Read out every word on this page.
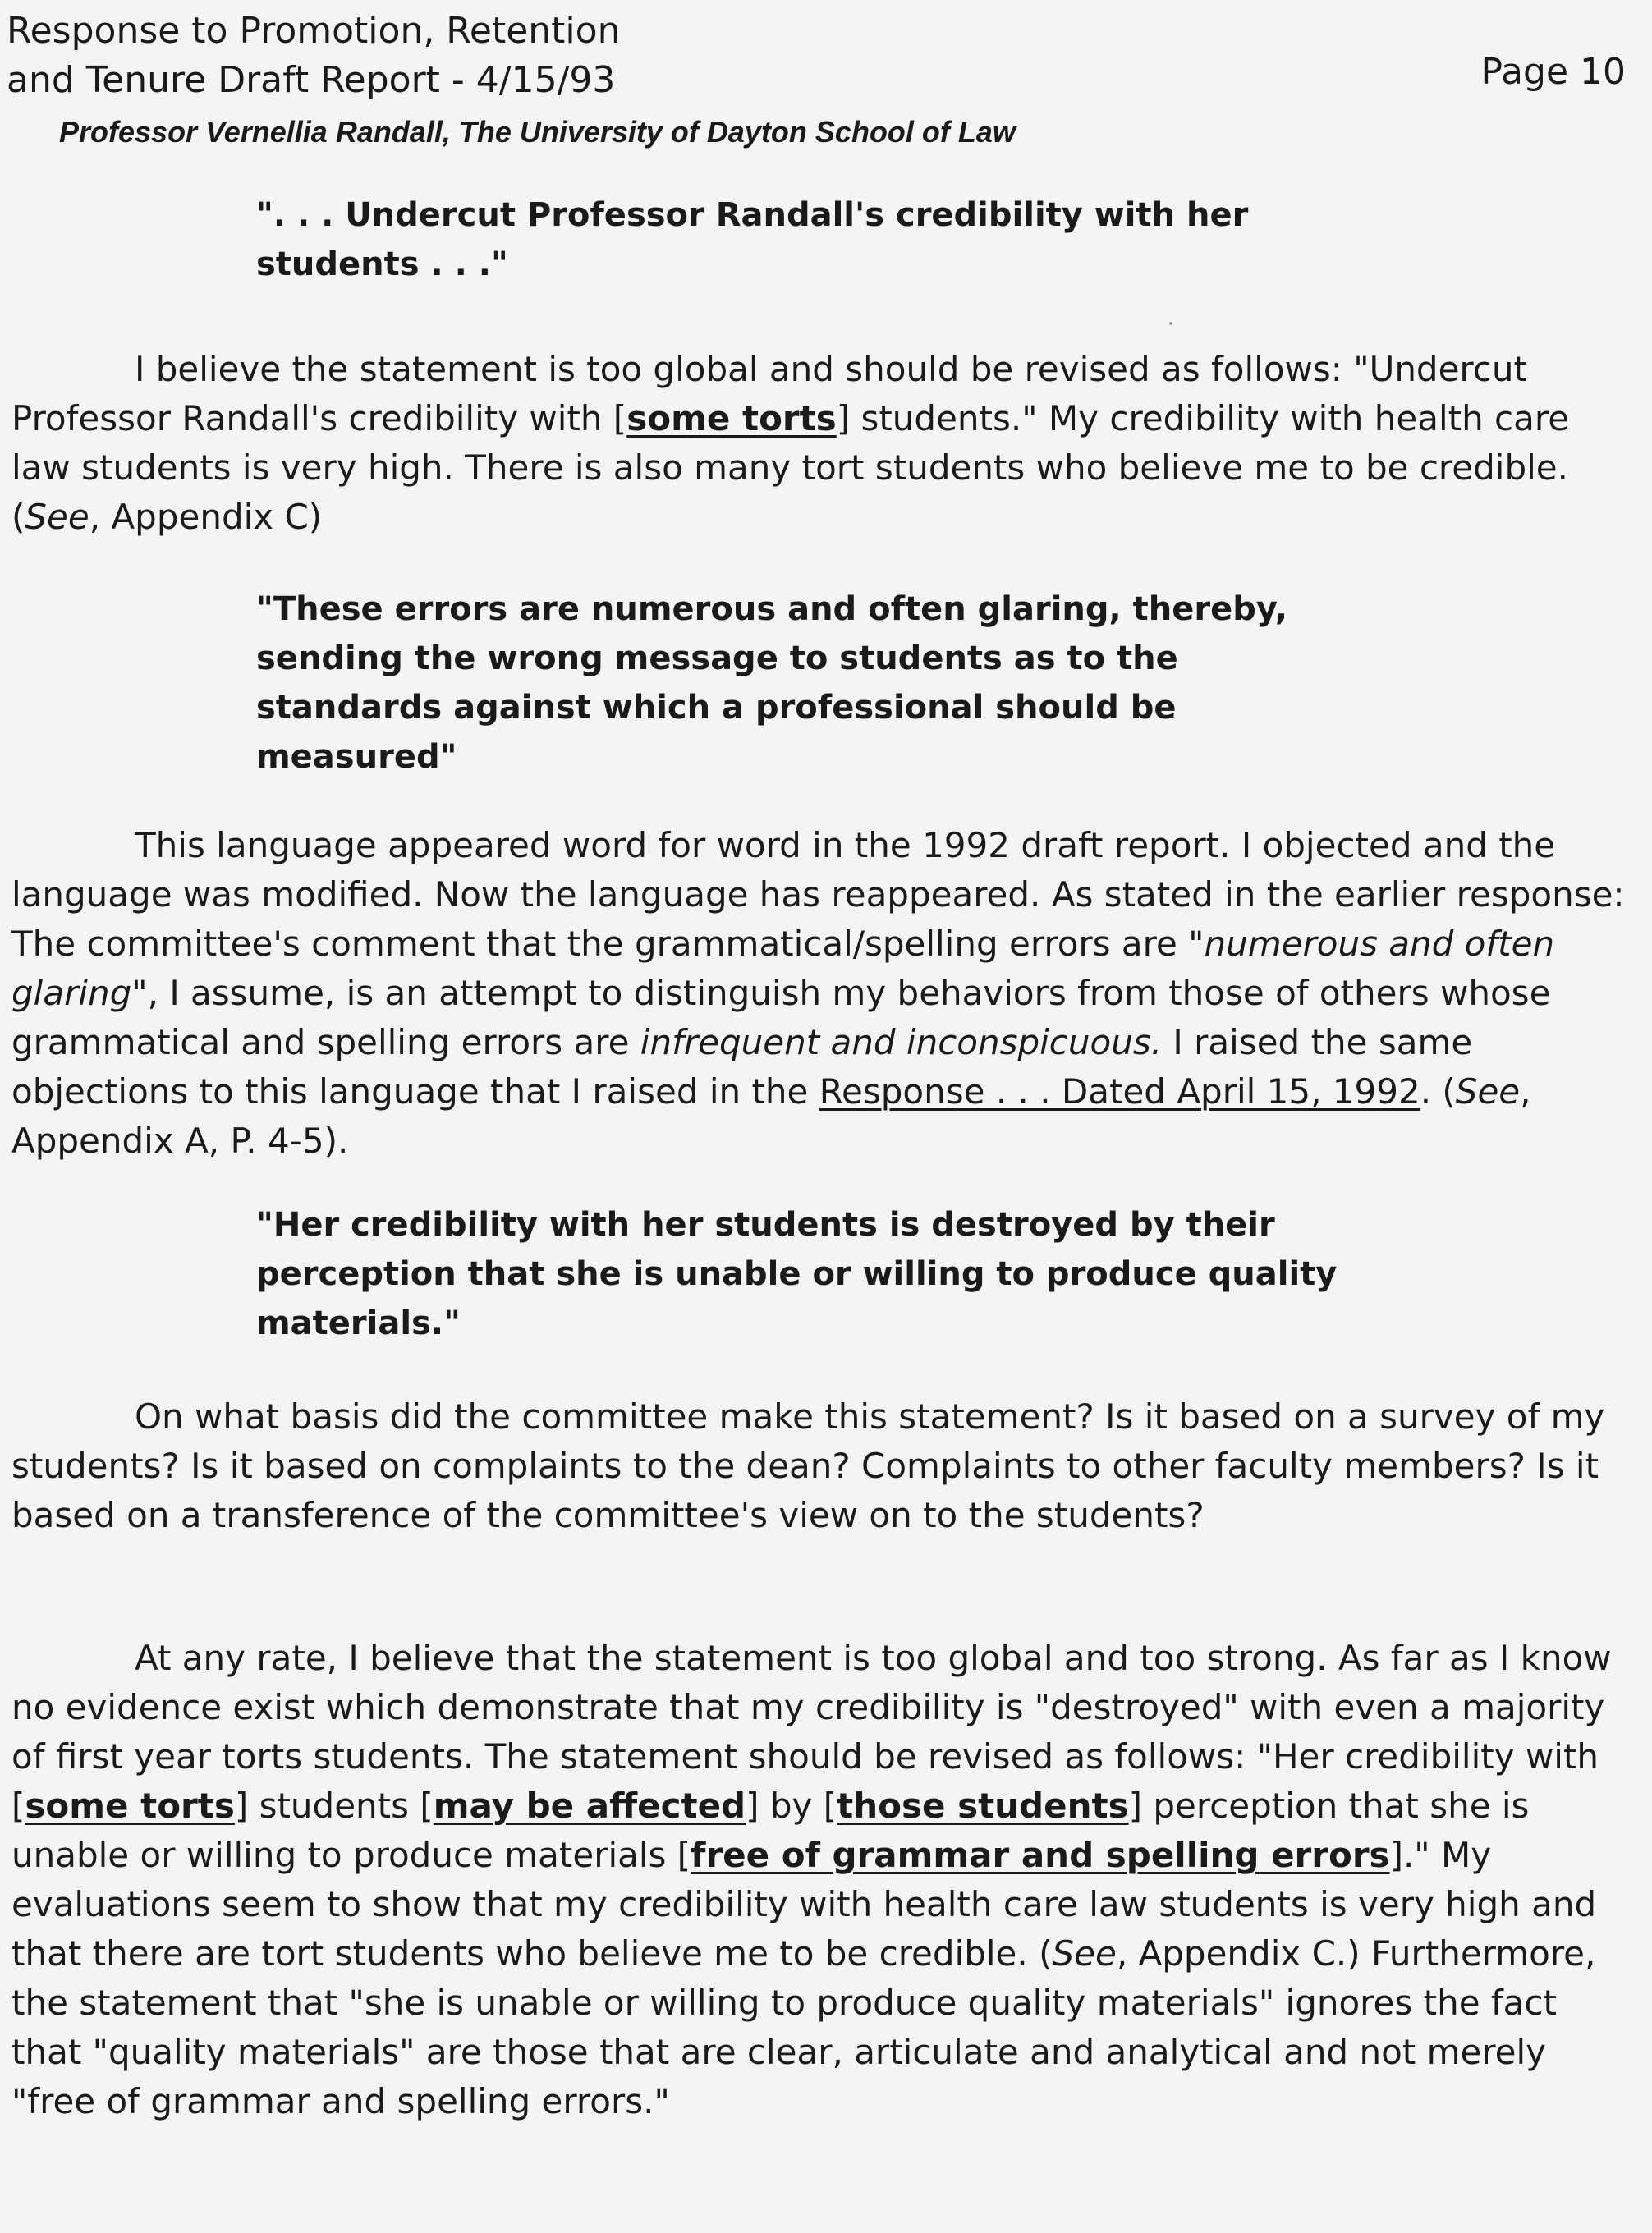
Response to Promotion, Retention
and Tenure Draft Report - 4/15/93	Page 10
Professor Vernellia Randall, The University of Dayton School of Law
". . . Undercut Professor Randall's credibility with her
students . . ."
I believe the statement is too global and should be revised as follows: "Undercut Professor Randall's credibility with [some torts] students." My credibility with health care law students is very high. There is also many tort students who believe me to be credible. (See, Appendix C)
"These errors are numerous and often glaring, thereby,
sending the wrong message to students as to the
standards against which a professional should be
measured"
This language appeared word for word in the 1992 draft report. I objected and the language was modified. Now the language has reappeared. As stated in the earlier response: The committee's comment that the grammatical/spelling errors are "numerous and often glaring", I assume, is an attempt to distinguish my behaviors from those of others whose grammatical and spelling errors are infrequent and inconspicuous. I raised the same objections to this language that I raised in the Response . . . Dated April 15, 1992. (See, Appendix A, P. 4-5).
"Her credibility with her students is destroyed by their
perception that she is unable or willing to produce quality
materials."
On what basis did the committee make this statement? Is it based on a survey of my students? Is it based on complaints to the dean? Complaints to other faculty members? Is it based on a transference of the committee's view on to the students?
At any rate, I believe that the statement is too global and too strong. As far as I know no evidence exist which demonstrate that my credibility is "destroyed" with even a majority of first year torts students. The statement should be revised as follows: "Her credibility with [some torts] students [may be affected] by [those students] perception that she is unable or willing to produce materials [free of grammar and spelling errors]." My evaluations seem to show that my credibility with health care law students is very high and that there are tort students who believe me to be credible. (See, Appendix C.) Furthermore, the statement that "she is unable or willing to produce quality materials" ignores the fact that "quality materials" are those that are clear, articulate and analytical and not merely "free of grammar and spelling errors."
